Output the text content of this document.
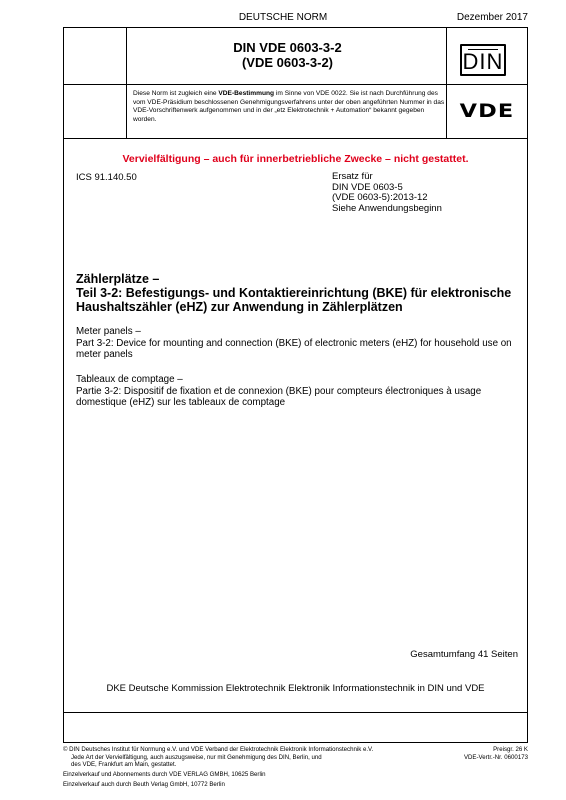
DEUTSCHE NORM	Dezember 2017
DIN VDE 0603-3-2
(VDE 0603-3-2)	DIN
Diese Norm ist zugleich eine VDE-Bestimmung im Sinne von VDE 0022. Sie ist nach Durchführung des vom VDE-Präsidium beschlossenen Genehmigungsverfahrens unter der oben angeführten Nummer in das VDE-Vorschriftenwerk aufgenommen und in der „etz Elektrotechnik + Automation“ bekannt gegeben worden.	VDE
Vervielfältigung – auch für innerbetriebliche Zwecke – nicht gestattet.
ICS 91.140.50	Ersatz für
DIN VDE 0603-5
(VDE 0603-5):2013-12
Siehe Anwendungsbeginn
Zählerplätze –
Teil 3-2: Befestigungs- und Kontaktiereinrichtung (BKE) für elektronische Haushaltszähler (eHZ) zur Anwendung in Zählerplätzen
Meter panels –
Part 3-2: Device for mounting and connection (BKE) of electronic meters (eHZ) for household use on meter panels
Tableaux de comptage –
Partie 3-2: Dispositif de fixation et de connexion (BKE) pour compteurs électroniques à usage domestique (eHZ) sur les tableaux de comptage
Gesamtumfang 41 Seiten
DKE Deutsche Kommission Elektrotechnik Elektronik Informationstechnik in DIN und VDE
© DIN Deutsches Institut für Normung e.V. und VDE Verband der Elektrotechnik Elektronik Informationstechnik e.V.
Jede Art der Vervielfältigung, auch auszugsweise, nur mit Genehmigung des DIN, Berlin, und
des VDE, Frankfurt am Main, gestattet.
Preisgr. 26 K
VDE-Vertr.-Nr. 0600173
Einzelverkauf und Abonnements durch VDE VERLAG GMBH, 10625 Berlin
Einzelverkauf auch durch Beuth Verlag GmbH, 10772 Berlin
